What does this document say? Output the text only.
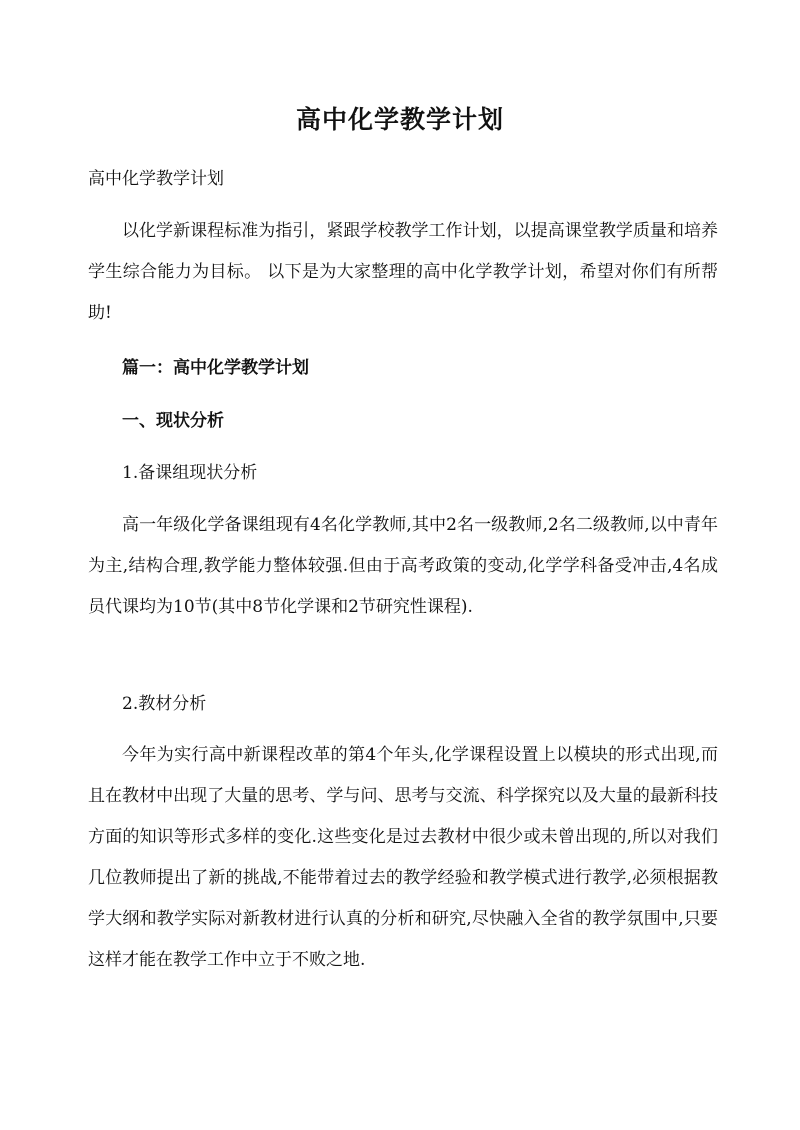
高中化学教学计划

高中化学教学计划

以化学新课程标准为指引，紧跟学校教学工作计划，以提高课堂教学质量和培养学生综合能力为目标。 以下是为大家整理的高中化学教学计划，希望对你们有所帮助!

篇一：高中化学教学计划

一、现状分析

1.备课组现状分析

高一年级化学备课组现有4名化学教师,其中2名一级教师,2名二级教师,以中青年为主,结构合理,教学能力整体较强.但由于高考政策的变动,化学学科备受冲击,4名成员代课均为10节(其中8节化学课和2节研究性课程).

2.教材分析

今年为实行高中新课程改革的第4个年头,化学课程设置上以模块的形式出现,而且在教材中出现了大量的思考、学与问、思考与交流、科学探究以及大量的最新科技方面的知识等形式多样的变化.这些变化是过去教材中很少或未曾出现的,所以对我们几位教师提出了新的挑战,不能带着过去的教学经验和教学模式进行教学,必须根据教学大纲和教学实际对新教材进行认真的分析和研究,尽快融入全省的教学氛围中,只要这样才能在教学工作中立于不败之地.
